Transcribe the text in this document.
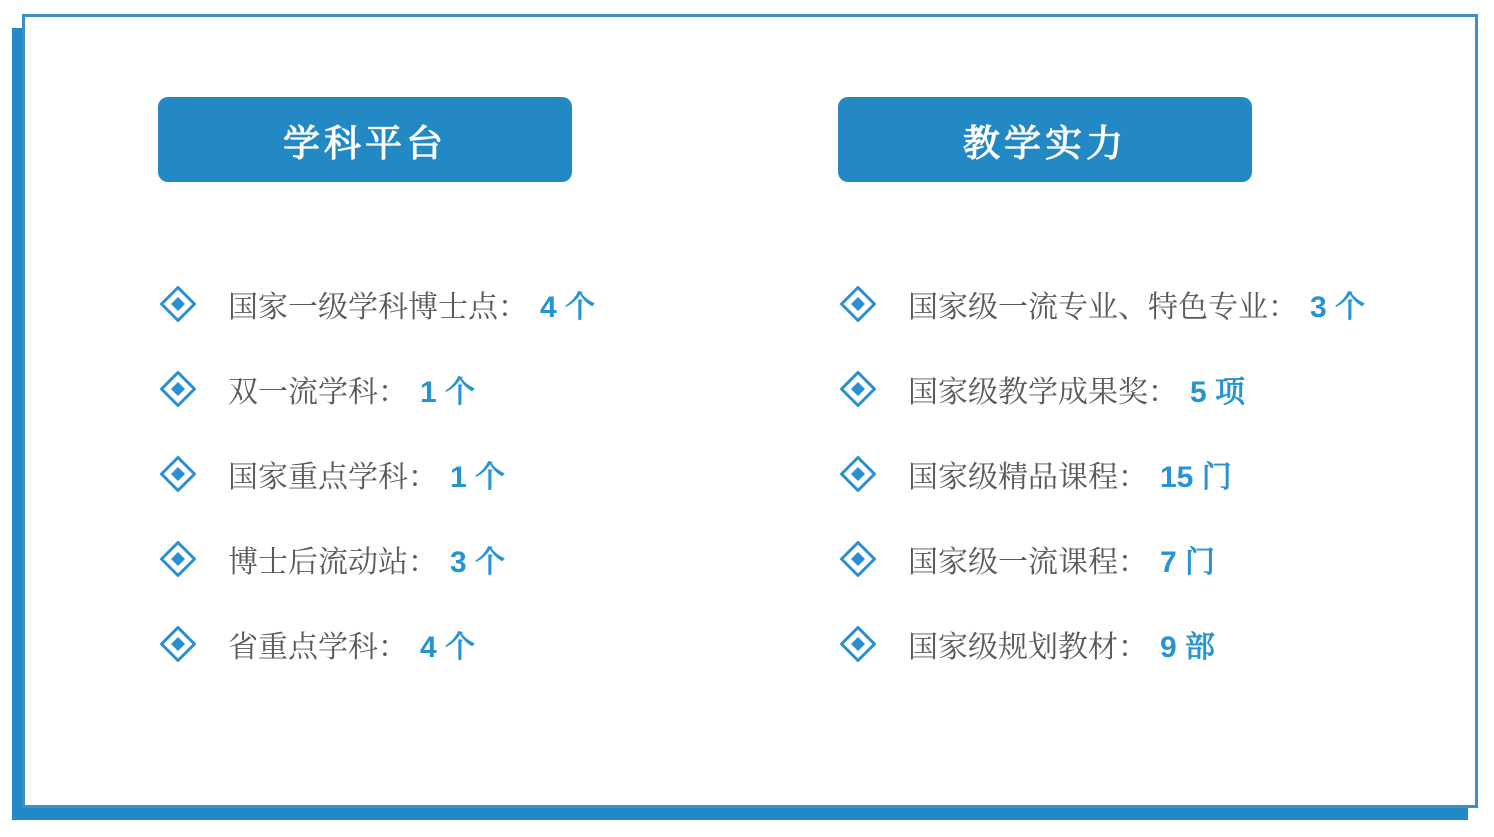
学科平台
国家一级学科博士点： 4 个
双一流学科： 1 个
国家重点学科： 1 个
博士后流动站： 3 个
省重点学科： 4 个
教学实力
国家级一流专业、特色专业： 3 个
国家级教学成果奖： 5 项
国家级精品课程： 15 门
国家级一流课程： 7 门
国家级规划教材： 9 部
